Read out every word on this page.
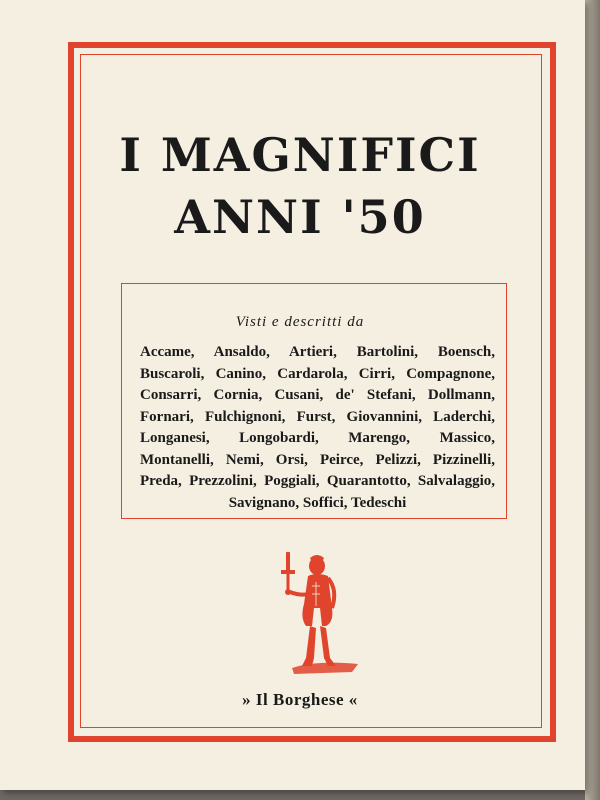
I MAGNIFICI
ANNI '50
Visti e descritti da
Accame, Ansaldo, Artieri, Bartolini, Boensch, Buscaroli, Canino, Cardarola, Cirri, Compagnone, Consarri, Cornia, Cusani, de' Stefani, Dollmann, Fornari, Fulchignoni, Furst, Giovannini, Laderchi, Longanesi, Longobardi, Marengo, Massico, Montanelli, Nemi, Orsi, Peirce, Pelizzi, Pizzinelli, Preda, Prezzolini, Poggiali, Quarantotto, Salvalaggio, Savignano, Soffici, Tedeschi
» Il Borghese «
